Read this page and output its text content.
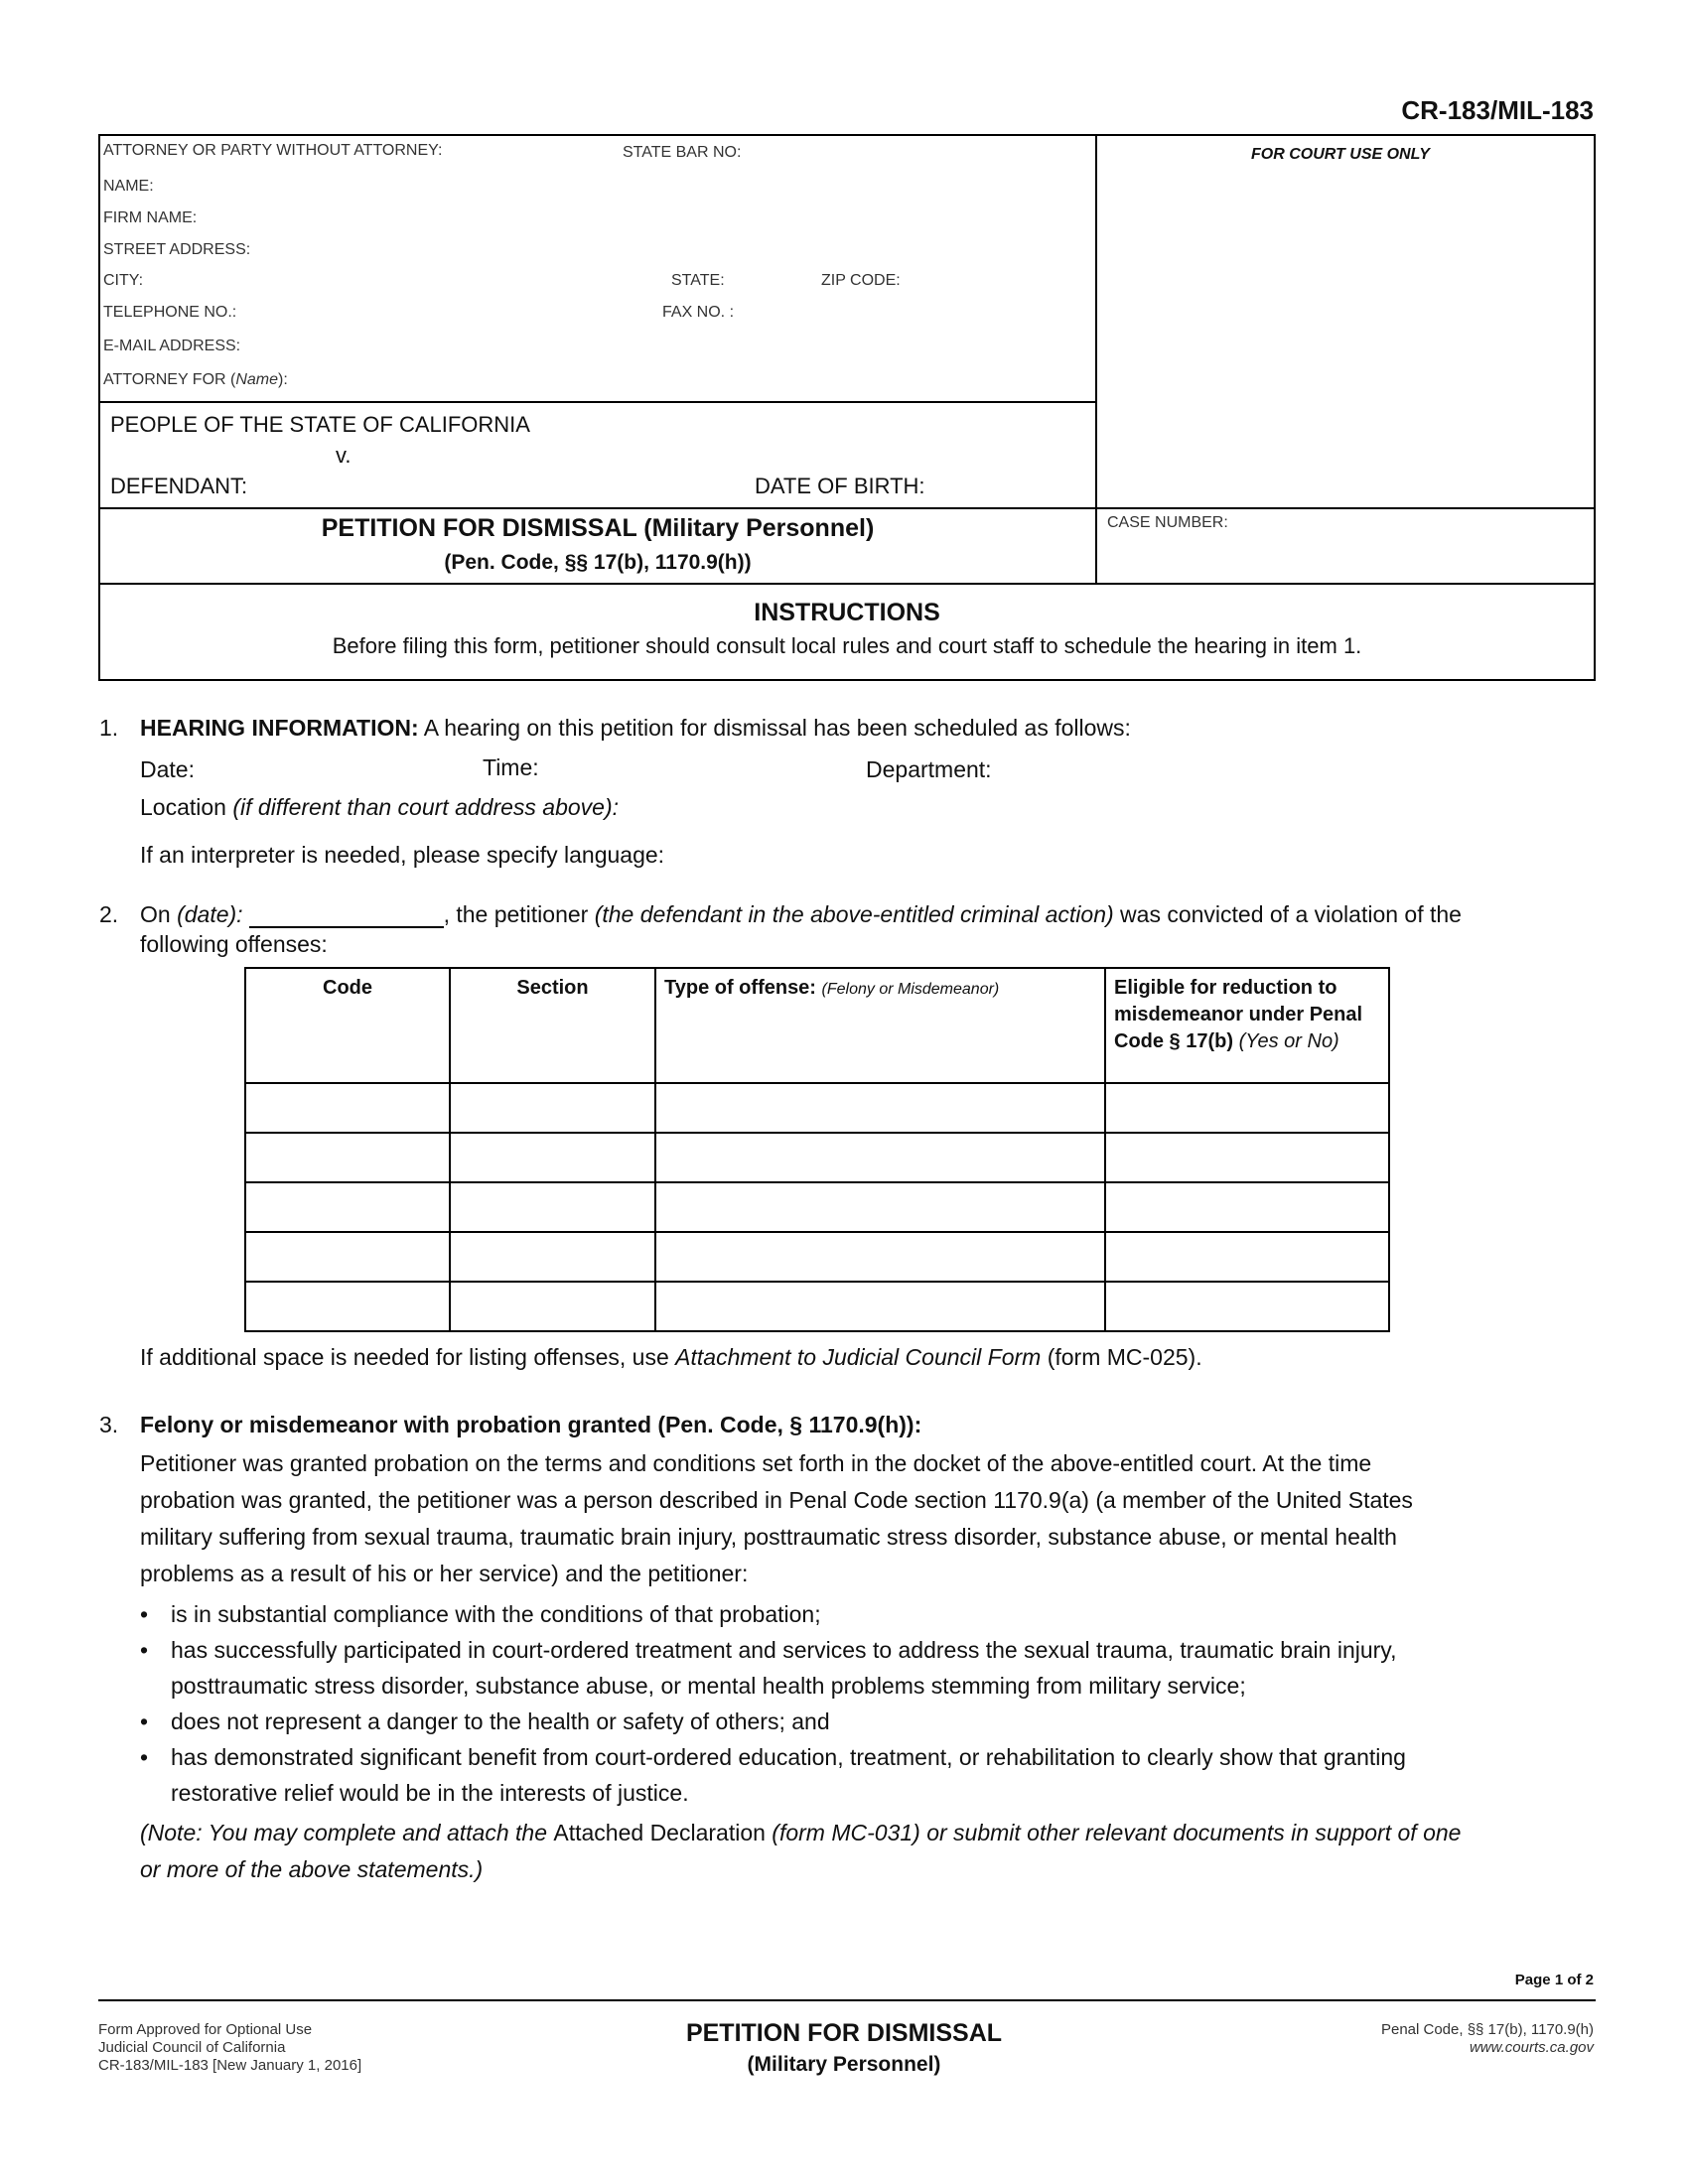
CR-183/MIL-183
ATTORNEY OR PARTY WITHOUT ATTORNEY:	STATE BAR NO:
NAME:
FIRM NAME:
STREET ADDRESS:
CITY:	STATE:	ZIP CODE:
TELEPHONE NO.:	FAX NO. :
E-MAIL ADDRESS:
ATTORNEY FOR (Name):
FOR COURT USE ONLY
PEOPLE OF THE STATE OF CALIFORNIA
v.
DEFENDANT:	DATE OF BIRTH:
PETITION FOR DISMISSAL (Military Personnel)
(Pen. Code, §§ 17(b), 1170.9(h))
CASE NUMBER:
INSTRUCTIONS
Before filing this form, petitioner should consult local rules and court staff to schedule the hearing in item 1.
1. HEARING INFORMATION: A hearing on this petition for dismissal has been scheduled as follows:
Date:	Time:	Department:
Location (if different than court address above):
If an interpreter is needed, please specify language:
2. On (date):	, the petitioner (the defendant in the above-entitled criminal action) was convicted of a violation of the
following offenses:
Code	Section	Type of offense: (Felony or Misdemeanor)	Eligible for reduction to misdemeanor under Penal Code § 17(b) (Yes or No)

If additional space is needed for listing offenses, use Attachment to Judicial Council Form (form MC-025).
3. Felony or misdemeanor with probation granted (Pen. Code, § 1170.9(h)):
Petitioner was granted probation on the terms and conditions set forth in the docket of the above-entitled court. At the time
probation was granted, the petitioner was a person described in Penal Code section 1170.9(a) (a member of the United States
military suffering from sexual trauma, traumatic brain injury, posttraumatic stress disorder, substance abuse, or mental health
problems as a result of his or her service) and the petitioner:
• is in substantial compliance with the conditions of that probation;
• has successfully participated in court-ordered treatment and services to address the sexual trauma, traumatic brain injury,
posttraumatic stress disorder, substance abuse, or mental health problems stemming from military service;
• does not represent a danger to the health or safety of others; and
• has demonstrated significant benefit from court-ordered education, treatment, or rehabilitation to clearly show that granting
restorative relief would be in the interests of justice.
(Note: You may complete and attach the Attached Declaration (form MC-031) or submit other relevant documents in support of one
or more of the above statements.)
Page 1 of 2
Form Approved for Optional Use
Judicial Council of California
CR-183/MIL-183 [New January 1, 2016]
PETITION FOR DISMISSAL
(Military Personnel)
Penal Code, §§ 17(b), 1170.9(h)
www.courts.ca.gov
